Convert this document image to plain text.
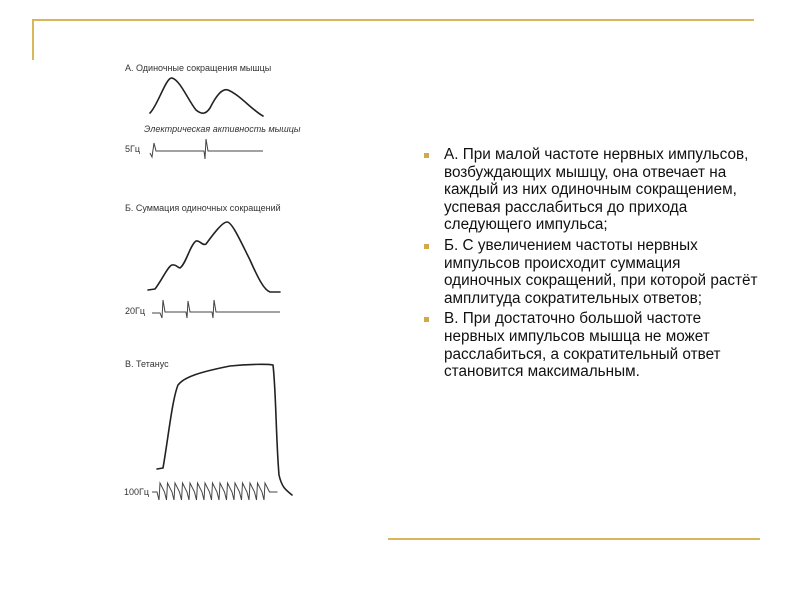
А. Одиночные сокращения мышцы
Электрическая активность мышцы
5Гц
Б. Суммация одиночных сокращений
20Гц
В. Тетанус
100Гц
А. При малой частоте нервных импульсов, возбуждающих мышцу, она отвечает на каждый из них одиночным сокращением, успевая расслабиться до прихода следующего импульса;
Б. С увеличением частоты нервных импульсов происходит суммация одиночных сокращений, при которой растёт амплитуда сократительных ответов;
В. При достаточно большой частоте нервных импульсов мышца не может расслабиться, а сократительный ответ становится максимальным.
